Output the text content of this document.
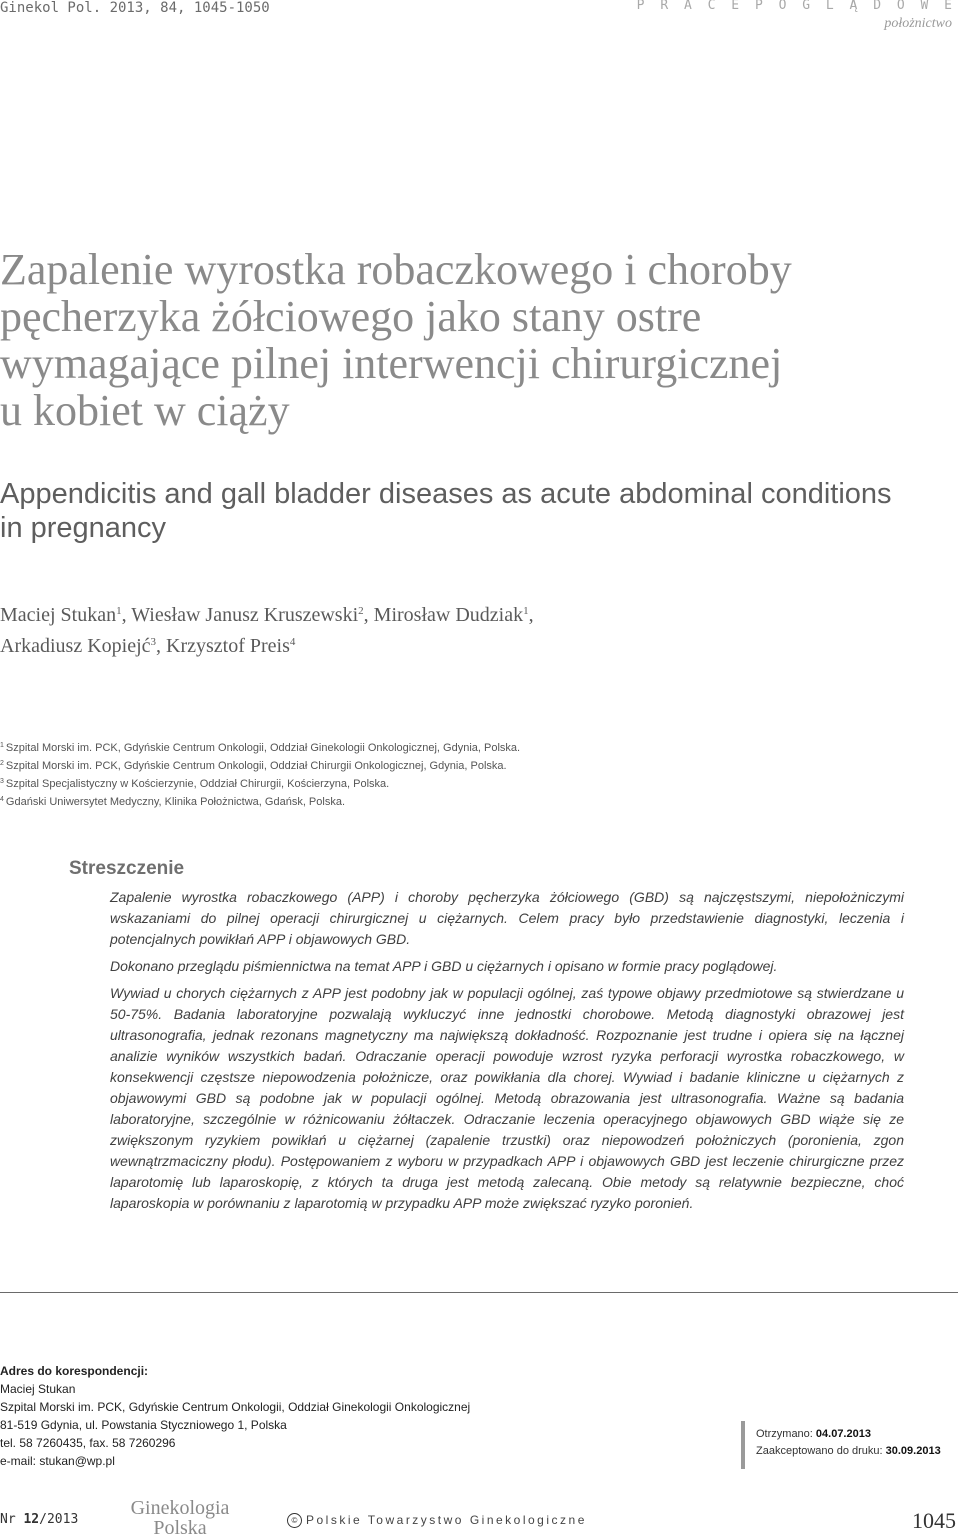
Ginekol Pol. 2013, 84, 1045-1050	P R A C E P O G L Ą D O W E
położnictwo
Zapalenie wyrostka robaczkowego i choroby
pęcherzyka żółciowego jako stany ostre
wymagające pilnej interwencji chirurgicznej
u kobiet w ciąży
Appendicitis and gall bladder diseases as acute abdominal conditions
in pregnancy
Maciej Stukan$^1$, Wiesław Janusz Kruszewski$^2$, Mirosław Dudziak$^1$,
Arkadiusz Kopiejć$^3$, Krzysztof Preis$^4$
$^1$ Szpital Morski im. PCK, Gdyńskie Centrum Onkologii, Oddział Ginekologii Onkologicznej, Gdynia, Polska.
$^2$ Szpital Morski im. PCK, Gdyńskie Centrum Onkologii, Oddział Chirurgii Onkologicznej, Gdynia, Polska.
$^3$ Szpital Specjalistyczny w Kościerzynie, Oddział Chirurgii, Kościerzyna, Polska.
$^4$ Gdański Uniwersytet Medyczny, Klinika Położnictwa, Gdańsk, Polska.
Streszczenie

Zapalenie wyrostka robaczkowego (APP) i choroby pęcherzyka żółciowego (GBD) są najczęstszymi, niepołożniczymi wskazaniami do pilnej operacji chirurgicznej u ciężarnych. Celem pracy było przedstawienie diagnostyki, leczenia i potencjalnych powikłań APP i objawowych GBD.

Dokonano przeglądu piśmiennictwa na temat APP i GBD u ciężarnych i opisano w formie pracy poglądowej.

Wywiad u chorych ciężarnych z APP jest podobny jak w populacji ogólnej, zaś typowe objawy przedmiotowe są stwierdzane u 50-75%. Badania laboratoryjne pozwalają wykluczyć inne jednostki chorobowe. Metodą diagnostyki obrazowej jest ultrasonografia, jednak rezonans magnetyczny ma największą dokładność. Rozpoznanie jest trudne i opiera się na łącznej analizie wyników wszystkich badań. Odraczanie operacji powoduje wzrost ryzyka perforacji wyrostka robaczkowego, w konsekwencji częstsze niepowodzenia położnicze, oraz powikłania dla chorej. Wywiad i badanie kliniczne u ciężarnych z objawowymi GBD są podobne jak w populacji ogólnej. Metodą obrazowania jest ultrasonografia. Ważne są badania laboratoryjne, szczególnie w różnicowaniu żółtaczek. Odraczanie leczenia operacyjnego objawowych GBD wiąże się ze zwiększonym ryzykiem powikłań u ciężarnej (zapalenie trzustki) oraz niepowodzeń położniczych (poronienia, zgon wewnątrzmaciczny płodu). Postępowaniem z wyboru w przypadkach APP i objawowych GBD jest leczenie chirurgiczne przez laparotomię lub laparoskopię, z których ta druga jest metodą zalecaną. Obie metody są relatywnie bezpieczne, choć laparoskopia w porównaniu z laparotomią w przypadku APP może zwiększać ryzyko poronień.

Adres do korespondencji:
Maciej Stukan
Szpital Morski im. PCK, Gdyńskie Centrum Onkologii, Oddział Ginekologii Onkologicznej
81-519 Gdynia, ul. Powstania Styczniowego 1, Polska
tel. 58 7260435, fax. 58 7260296
e-mail: stukan@wp.pl
Otrzymano: 04.07.2013
Zaakceptowano do druku: 30.09.2013
Nr 12/2013
Ginekologia
Polska	© Polskie Towarzystwo Ginekologiczne	1045
